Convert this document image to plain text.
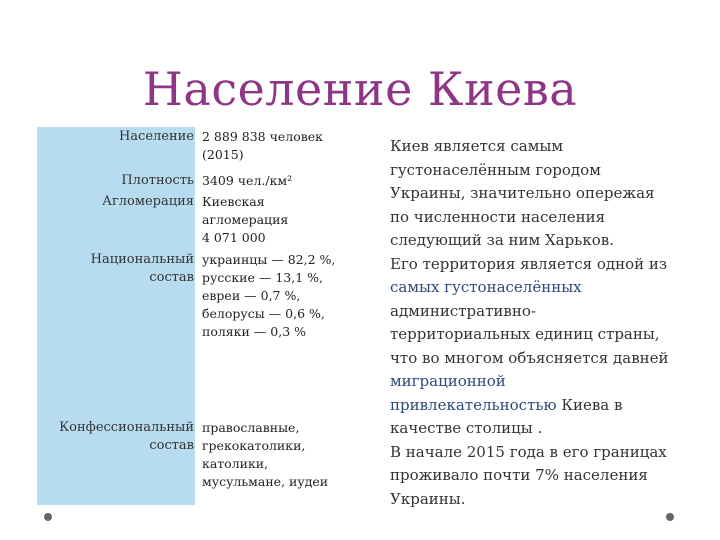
Население Киева
Население 2 889 838 человек
(2015)
Плотность 3409 чел./км²
Агломерация Киевская
агломерация
4 071 000
Национальный
состав
украинцы — 82,2 %,
русские — 13,1 %,
евреи — 0,7 %,
белорусы — 0,6 %,
поляки — 0,3 %
Конфессиональный
состав
православные,
грекокатолики,
католики,
мусульмане, иудеи
Киев является самым
густонаселённым городом
Украины, значительно опережая
по численности населения
следующий за ним Харьков.
Его территория является одной из
самых густонаселённых
административно-
территориальных единиц страны,
что во многом объясняется давней
миграционной
привлекательностью Киева в
качестве столицы .
В начале 2015 года в его границах
проживало почти 7% населения
Украины.
